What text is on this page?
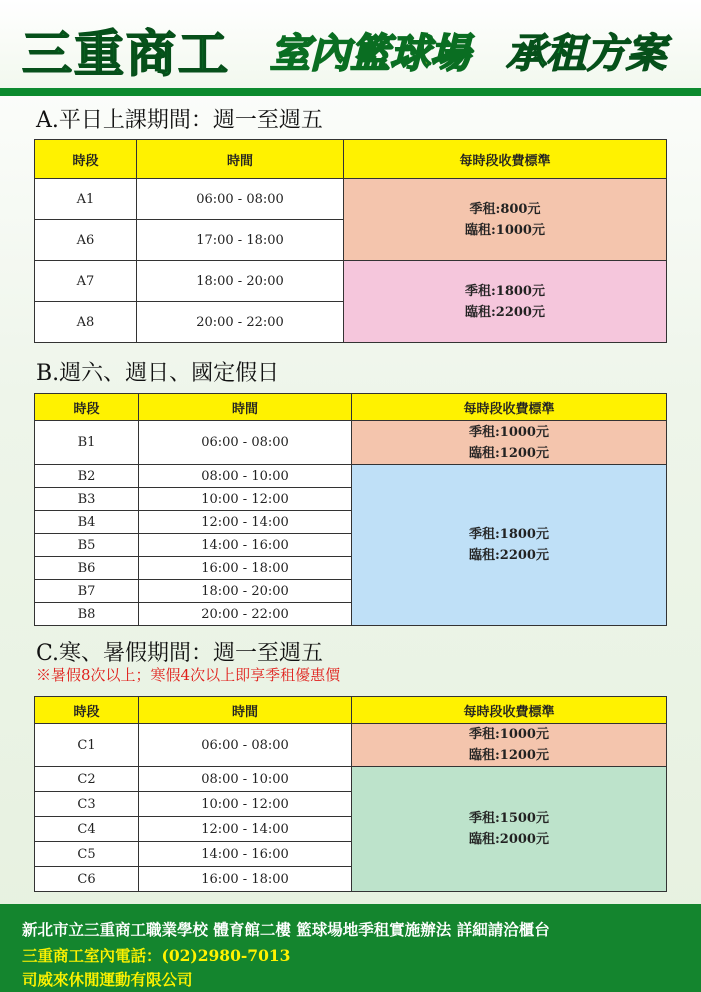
三重商工 室內籃球場 承租方案
A.平日上課期間：週一至週五
時段	時間	每時段收費標準
A1	06:00 - 08:00	季租:800元
臨租:1000元

A6	17:00 - 18:00	
A7	18:00 - 20:00	季租:1800元
臨租:2200元

A8	20:00 - 22:00	
B.週六、週日、國定假日
時段	時間	每時段收費標準
B1	06:00 - 08:00	季租:1000元
臨租:1200元

B2	08:00 - 10:00	季租:1800元
臨租:2200元

B3	10:00 - 12:00	
B4	12:00 - 14:00	
B5	14:00 - 16:00	
B6	16:00 - 18:00	
B7	18:00 - 20:00	
B8	20:00 - 22:00	
C.寒、暑假期間：週一至週五
※暑假8次以上；寒假4次以上即享季租優惠價
時段	時間	每時段收費標準
C1	06:00 - 08:00	季租:1000元
臨租:1200元

C2	08:00 - 10:00	季租:1500元
臨租:2000元

C3	10:00 - 12:00	
C4	12:00 - 14:00	
C5	14:00 - 16:00	
C6	16:00 - 18:00	
新北市立三重商工職業學校 體育館二樓 籃球場地季租實施辦法 詳細請洽櫃台
三重商工室內電話：(02)2980-7013
司威來休閒運動有限公司
